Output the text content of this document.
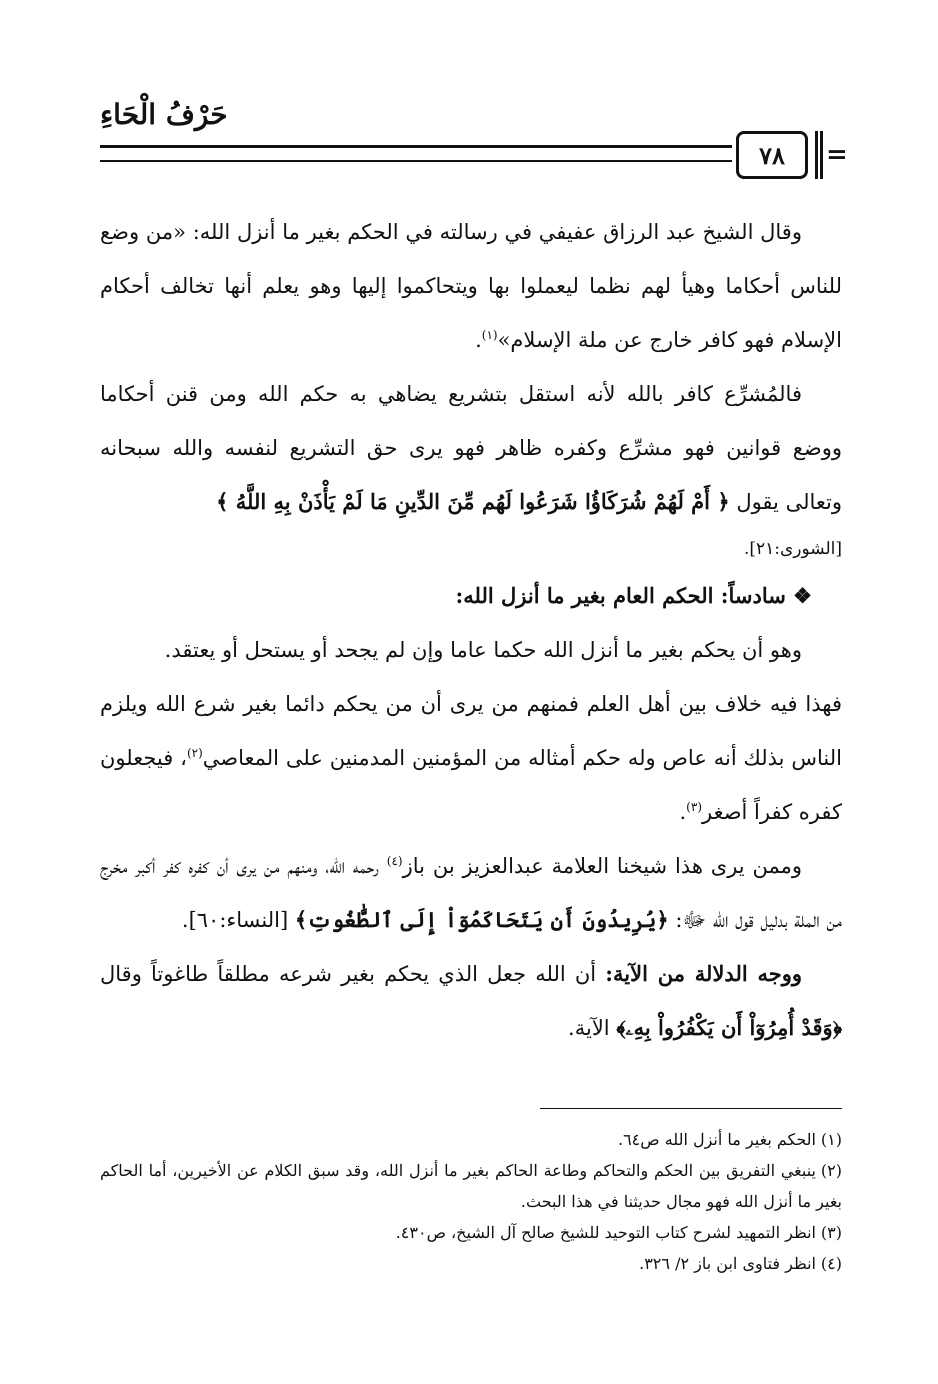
حَرْفُ الْحَاءِ
٧٨	=

وقال الشيخ عبد الرزاق عفيفي في رسالته في الحكم بغير ما أنزل الله: «من وضع للناس أحكاما وهيأ لهم نظما ليعملوا بها ويتحاكموا إليها وهو يعلم أنها تخالف أحكام الإسلام فهو كافر خارج عن ملة الإسلام»$^{(١)}$.

فالمُشرِّع كافر بالله لأنه استقل بتشريع يضاهي به حكم الله ومن قنن أحكاما ووضع قوانين فهو مشرِّع وكفره ظاهر فهو يرى حق التشريع لنفسه والله سبحانه وتعالى يقول ﴿ أَمْ لَهُمْ شُرَكَاؤُا شَرَعُوا لَهُم مِّنَ الدِّينِ مَا لَمْ يَأْذَنْ بِهِ اللَّهُ ﴾

[الشورى:٢١].

❖ سادساً: الحكم العام بغير ما أنزل الله:

وهو أن يحكم بغير ما أنزل الله حكما عاما وإن لم يجحد أو يستحل أو يعتقد.

فهذا فيه خلاف بين أهل العلم فمنهم من يرى أن من يحكم دائما بغير شرع الله ويلزم الناس بذلك أنه عاص وله حكم أمثاله من المؤمنين المدمنين على المعاصي$^{(٢)}$، فيجعلون كفره كفراً أصغر$^{(٣)}$.

وممن يرى هذا شيخنا العلامة عبدالعزيز بن باز$^{(٤)}$ رحمه الله، ومنهم من يرى أن كفره كفر أكبر مخرج من الملة بدليل قول الله ﷻ: ﴿يُرِيدُونَ أَن يَتَحَاكَمُوٓاْ إِلَى ٱلطَّٰغُوتِ﴾ [النساء:٦٠].

ووجه الدلالة من الآية: أن الله جعل الذي يحكم بغير شرعه مطلقاً طاغوتاً وقال ﴿وَقَدْ أُمِرُوٓاْ أَن يَكْفُرُواْ بِهِۦ﴾ الآية.

(١)الحكم بغير ما أنزل الله ص٦٤.

(٢)ينبغي التفريق بين الحكم والتحاكم وطاعة الحاكم بغير ما أنزل الله، وقد سبق الكلام عن الأخيرين، أما الحاكم بغير ما أنزل الله فهو مجال حديثنا في هذا البحث.

(٣)انظر التمهيد لشرح كتاب التوحيد للشيخ صالح آل الشيخ، ص٤٣٠.

(٤)انظر فتاوى ابن باز ٢/ ٣٢٦.
